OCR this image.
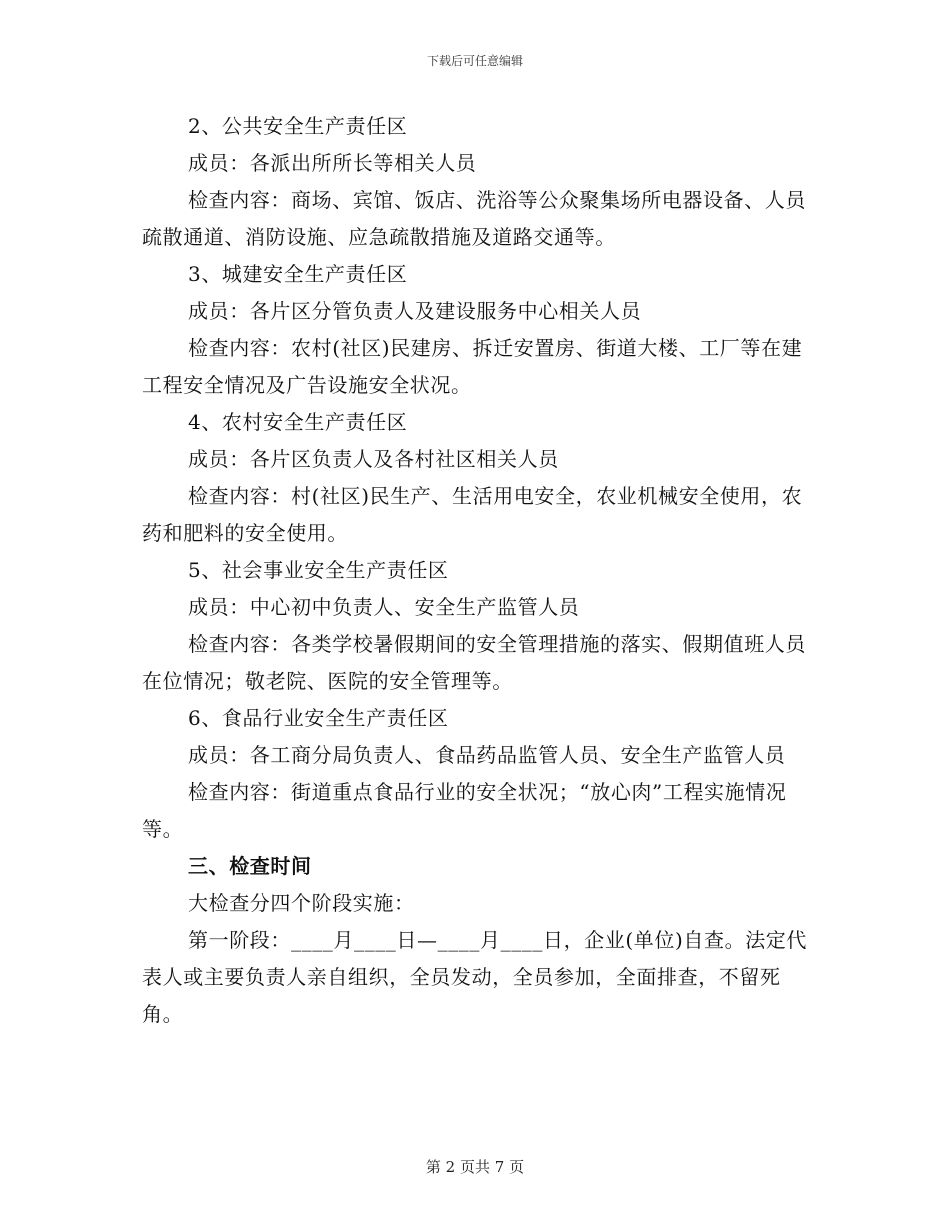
下载后可任意编辑

2、公共安全生产责任区

成员：各派出所所长等相关人员

检查内容：商场、宾馆、饭店、洗浴等公众聚集场所电器设备、人员疏散通道、消防设施、应急疏散措施及道路交通等。

3、城建安全生产责任区

成员：各片区分管负责人及建设服务中心相关人员

检查内容：农村(社区)民建房、拆迁安置房、街道大楼、工厂等在建工程安全情况及广告设施安全状况。

4、农村安全生产责任区

成员：各片区负责人及各村社区相关人员

检查内容：村(社区)民生产、生活用电安全，农业机械安全使用，农药和肥料的安全使用。

5、社会事业安全生产责任区

成员：中心初中负责人、安全生产监管人员

检查内容：各类学校暑假期间的安全管理措施的落实、假期值班人员在位情况；敬老院、医院的安全管理等。

6、食品行业安全生产责任区

成员：各工商分局负责人、食品药品监管人员、安全生产监管人员

检查内容：街道重点食品行业的安全状况；“放心肉”工程实施情况等。

三、检查时间

大检查分四个阶段实施：

第一阶段：____月____日—____月____日，企业(单位)自查。法定代表人或主要负责人亲自组织，全员发动，全员参加，全面排查，不留死角。

第 2 页共 7 页
